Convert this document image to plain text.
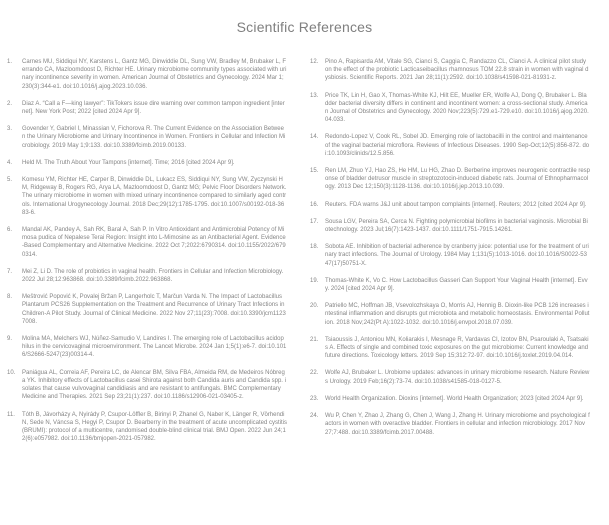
Scientific References
1.	Carnes MU, Siddiqui NY, Karstens L, Gantz MG, Dinwiddie DL, Sung VW, Bradley M, Brubaker L, Ferrando CA, Mazloomdoost D, Richter HE. Urinary microbiome community types associated with urinary incontinence severity in women. American Journal of Obstetrics and Gynecology. 2024 Mar 1;230(3):344-e1. doi:10.1016/j.ajog.2023.10.036.
2.	Diaz A. “Call a F—king lawyer”: TikTokers issue dire warning over common tampon ingredient [internet]. New York Post; 2022 [cited 2024 Apr 9].
3.	Govender Y, Gabriel I, Minassian V, Fichorova R. The Current Evidence on the Association Between the Urinary Microbiome and Urinary Incontinence in Women. Frontiers in Cellular and Infection Microbiology. 2019 May 1;9:133. doi:10.3389/fcimb.2019.00133.
4.	Held M. The Truth About Your Tampons [internet]. Time; 2016 [cited 2024 Apr 9].
5.	Komesu YM, Richter HE, Carper B, Dinwiddie DL, Lukacz ES, Siddiqui NY, Sung VW, Zyczynski HM, Ridgeway B, Rogers RG, Arya LA, Mazloomdoost D, Gantz MG; Pelvic Floor Disorders Network. The urinary microbiome in women with mixed urinary incontinence compared to similarly aged controls. International Urogynecology Journal. 2018 Dec;29(12):1785-1795. doi:10.1007/s00192-018-3683-6.
6.	Mandal AK, Pandey A, Sah RK, Baral A, Sah P. In Vitro Antioxidant and Antimicrobial Potency of Mimosa pudica of Nepalese Terai Region: Insight into L-Mimosine as an Antibacterial Agent. Evidence-Based Complementary and Alternative Medicine. 2022 Oct 7;2022:6790314. doi:10.1155/2022/6790314.
7.	Mei Z, Li D. The role of probiotics in vaginal health. Frontiers in Cellular and Infection Microbiology. 2022 Jul 28;12:963868. doi:10.3389/fcimb.2022.963868.
8.	Meštrović Popović K, Povalej Bržan P, Langerholc T, Marčun Varda N. The Impact of Lactobacillus Plantarum PCS26 Supplementation on the Treatment and Recurrence of Urinary Tract Infections in Children-A Pilot Study. Journal of Clinical Medicine. 2022 Nov 27;11(23):7008. doi:10.3390/jcm11237008.
9.	Molina MA, Melchers WJ, Núñez-Samudio V, Landires I. The emerging role of Lactobacillus acidophilus in the cervicovaginal microenvironment. The Lancet Microbe. 2024 Jan 1;5(1):e6-7. doi:10.1016/S2666-5247(23)00314-4.
10.	Paniágua AL, Correia AF, Pereira LC, de Alencar BM, Silva FBA, Almeida RM, de Medeiros Nóbrega YK. Inhibitory effects of Lactobacillus casei Shirota against both Candida auris and Candida spp. isolates that cause vulvovaginal candidiasis and are resistant to antifungals. BMC Complementary Medicine and Therapies. 2021 Sep 23;21(1):237. doi:10.1186/s12906-021-03405-z.
11.	Tóth B, Jávorházy A, Nyirády P, Csupor-Löffler B, Birinyi P, Zhanel G, Naber K, Länger R, Vörhendi N, Sede N, Váncsa S, Hegyi P, Csupor D. Bearberry in the treatment of acute uncomplicated cystitis (BRUMI): protocol of a multicentre, randomised double-blind clinical trial. BMJ Open. 2022 Jun 24;12(6):e057982. doi:10.1136/bmjopen-2021-057982.
12.	Pino A, Rapisarda AM, Vitale SG, Cianci S, Caggia C, Randazzo CL, Cianci A. A clinical pilot study on the effect of the probiotic Lacticaseibacillus rhamnosus TOM 22.8 strain in women with vaginal dysbiosis. Scientific Reports. 2021 Jan 28;11(1):2592. doi:10.1038/s41598-021-81931-z.
13.	Price TK, Lin H, Gao X, Thomas-White KJ, Hilt EE, Mueller ER, Wolfe AJ, Dong Q, Brubaker L. Bladder bacterial diversity differs in continent and incontinent women: a cross-sectional study. American Journal of Obstetrics and Gynecology. 2020 Nov;223(5):729.e1-729.e10. doi:10.1016/j.ajog.2020.04.033.
14.	Redondo-Lopez V, Cook RL, Sobel JD. Emerging role of lactobacilli in the control and maintenance of the vaginal bacterial microflora. Reviews of Infectious Diseases. 1990 Sep-Oct;12(5):856-872. doi:10.1093/clinids/12.5.856.
15.	Ren LM, Zhuo YJ, Hao ZS, He HM, Lu HG, Zhao D. Berberine improves neurogenic contractile response of bladder detrusor muscle in streptozotocin-induced diabetic rats. Journal of Ethnopharmacology. 2013 Dec 12;150(3):1128-1136. doi:10.1016/j.jep.2013.10.039.
16.	Reuters. FDA warns J&J unit about tampon complaints [internet]. Reuters; 2012 [cited 2024 Apr 9].
17.	Sousa LGV, Pereira SA, Cerca N. Fighting polymicrobial biofilms in bacterial vaginosis. Microbial Biotechnology. 2023 Jul;16(7):1423-1437. doi:10.1111/1751-7915.14261.
18.	Sobota AE. Inhibition of bacterial adherence by cranberry juice: potential use for the treatment of urinary tract infections. The Journal of Urology. 1984 May 1;131(5):1013-1016. doi:10.1016/S0022-5347(17)50751-X.
19.	Thomas-White K, Vo C. How Lactobacillus Gasseri Can Support Your Vaginal Health [internet]. Evvy. 2024 [cited 2024 Apr 9].
20.	Patriello MC, Hoffman JB, Vsevolozhskaya O, Morris AJ, Hennig B. Dioxin-like PCB 126 increases intestinal inflammation and disrupts gut microbiota and metabolic homeostasis. Environmental Pollution. 2018 Nov;242(Pt A):1022-1032. doi:10.1016/j.envpol.2018.07.039.
21.	Tsiaoussis J, Antoniou MN, Koliarakis I, Mesnage R, Vardavas CI, Izotov BN, Psaroulaki A, Tsatsakis A. Effects of single and combined toxic exposures on the gut microbiome: Current knowledge and future directions. Toxicology letters. 2019 Sep 15;312:72-97. doi:10.1016/j.toxlet.2019.04.014.
22.	Wolfe AJ, Brubaker L. Urobiome updates: advances in urinary microbiome research. Nature Reviews Urology. 2019 Feb;16(2):73-74. doi:10.1038/s41585-018-0127-5.
23.	World Health Organization. Dioxins [internet]. World Health Organization; 2023 [cited 2024 Apr 9].
24.	Wu P, Chen Y, Zhao J, Zhang G, Chen J, Wang J, Zhang H. Urinary microbiome and psychological factors in women with overactive bladder. Frontiers in cellular and infection microbiology. 2017 Nov 27;7:488. doi:10.3389/fcimb.2017.00488.
